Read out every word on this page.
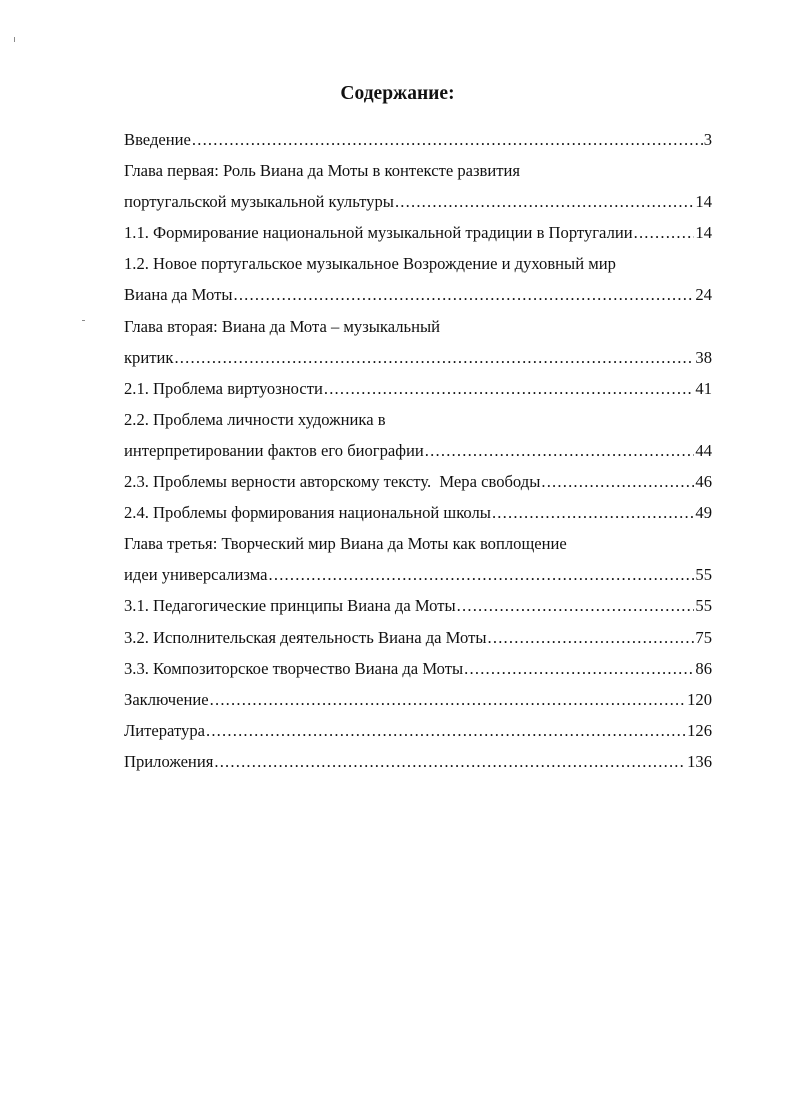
Содержание:
Введение .....	3
Глава первая: Роль Виана да Моты в контексте развития
португальской музыкальной культуры .....	14
1.1. Формирование национальной музыкальной традиции в Португалии .....	14
1.2. Новое португальское музыкальное Возрождение и духовный мир
Виана да Моты .....	24
Глава вторая: Виана да Мота – музыкальный
критик .....	38
2.1. Проблема виртуозности .....	41
2.2. Проблема личности художника в
интерпретировании фактов его биографии .....	44
2.3. Проблемы верности авторскому тексту.  Мера свободы .....	46
2.4. Проблемы формирования национальной школы .....	49
Глава третья: Творческий мир Виана да Моты как воплощение
идеи универсализма .....	55
3.1. Педагогические принципы Виана да Моты .....	55
3.2. Исполнительская деятельность Виана да Моты .....	75
3.3. Композиторское творчество Виана да Моты .....	86
Заключение .....	120
Литература .....	126
Приложения .....	136
